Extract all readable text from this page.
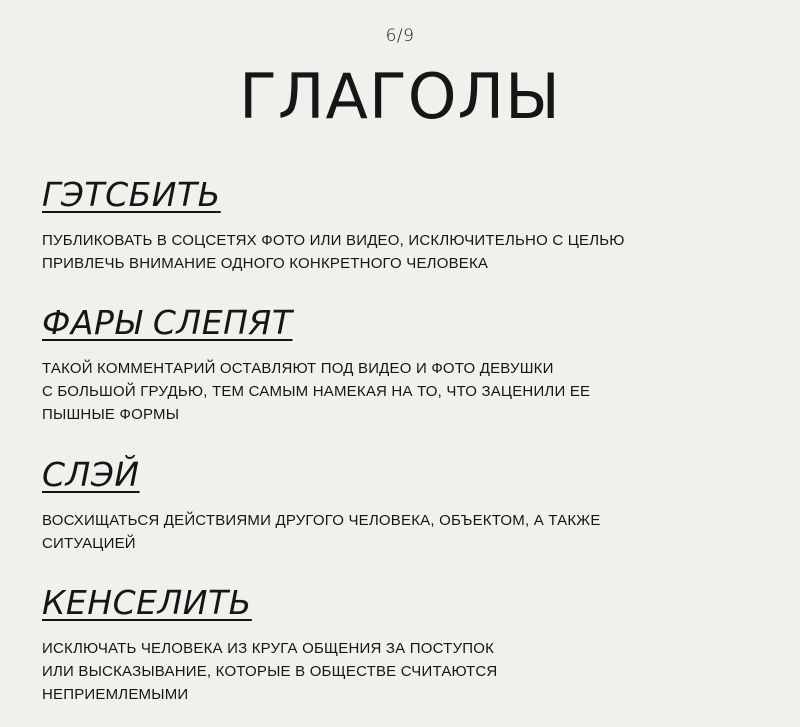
6/9
ГЛАГОЛЫ
ГЭТСБИТЬ
ПУБЛИКОВАТЬ В СОЦСЕТЯХ ФОТО ИЛИ ВИДЕО, ИСКЛЮЧИТЕЛЬНО С ЦЕЛЬЮ
ПРИВЛЕЧЬ ВНИМАНИЕ ОДНОГО КОНКРЕТНОГО ЧЕЛОВЕКА
ФАРЫ СЛЕПЯТ
ТАКОЙ КОММЕНТАРИЙ ОСТАВЛЯЮТ ПОД ВИДЕО И ФОТО ДЕВУШКИ
С БОЛЬШОЙ ГРУДЬЮ, ТЕМ САМЫМ НАМЕКАЯ НА ТО, ЧТО ЗАЦЕНИЛИ ЕЕ
ПЫШНЫЕ ФОРМЫ
СЛЭЙ
ВОСХИЩАТЬСЯ ДЕЙСТВИЯМИ ДРУГОГО ЧЕЛОВЕКА, ОБЪЕКТОМ, А ТАКЖЕ
СИТУАЦИЕЙ
КЕНСЕЛИТЬ
ИСКЛЮЧАТЬ ЧЕЛОВЕКА ИЗ КРУГА ОБЩЕНИЯ ЗА ПОСТУПОК
ИЛИ ВЫСКАЗЫВАНИЕ, КОТОРЫЕ В ОБЩЕСТВЕ СЧИТАЮТСЯ
НЕПРИЕМЛЕМЫМИ
